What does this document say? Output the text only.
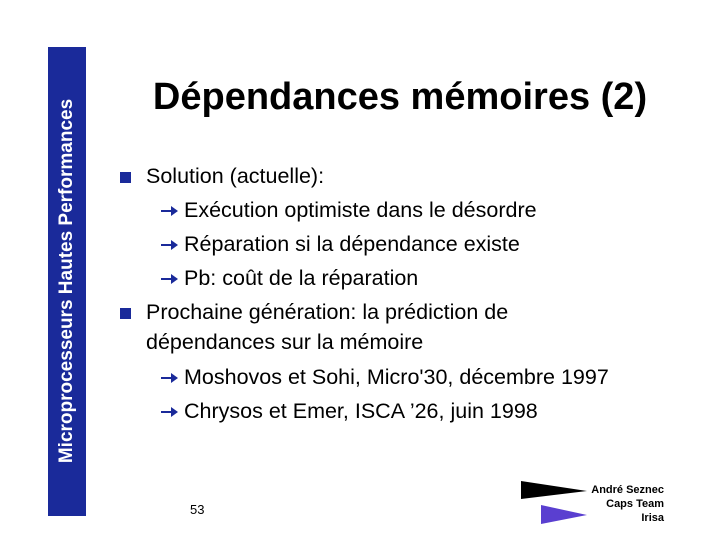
Microprocesseurs Hautes Performances
Dépendances mémoires (2)
Solution (actuelle):
Exécution optimiste dans le désordre
Réparation si la dépendance existe
Pb: coût de la réparation
Prochaine génération: la prédiction de
dépendances sur la mémoire
Moshovos et Sohi, Micro'30, décembre 1997
Chrysos et Emer, ISCA ’26, juin 1998
53
André Seznec
Caps Team
Irisa
